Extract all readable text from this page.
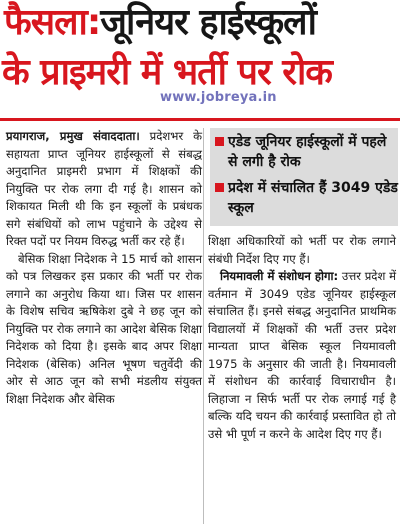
फैसला:जूनियर हाईस्कूलों
के प्राइमरी में भर्ती पर रोक
www.jobreya.in

प्रयागराज, प्रमुख संवाददाता। प्रदेशभर के सहायता प्राप्त जूनियर हाईस्कूलों से संबद्ध अनुदानित प्राइमरी प्रभाग में शिक्षकों की नियुक्ति पर रोक लगा दी गई है। शासन को शिकायत मिली थी कि इन स्कूलों के प्रबंधक सगे संबंधियों को लाभ पहुंचाने के उद्देश्य से रिक्त पदों पर नियम विरुद्ध भर्ती कर रहे हैं।

बेसिक शिक्षा निदेशक ने 15 मार्च को शासन को पत्र लिखकर इस प्रकार की भर्ती पर रोक लगाने का अनुरोध किया था। जिस पर शासन के विशेष सचिव ऋषिकेश दुबे ने छह जून को नियुक्ति पर रोक लगाने का आदेश बेसिक शिक्षा निदेशक को दिया है। इसके बाद अपर शिक्षा निदेशक (बेसिक) अनिल भूषण चतुर्वेदी की ओर से आठ जून को सभी मंडलीय संयुक्त शिक्षा निदेशक और बेसिक

एडेड जूनियर हाईस्कूलों में पहले से लगी है रोक
प्रदेश में संचालित हैं 3049 एडेड स्कूल

शिक्षा अधिकारियों को भर्ती पर रोक लगाने संबंधी निर्देश दिए गए हैं।

नियमावली में संशोधन होगा: उत्तर प्रदेश में वर्तमान में 3049 एडेड जूनियर हाईस्कूल संचालित हैं। इनसे संबद्ध अनुदानित प्राथमिक विद्यालयों में शिक्षकों की भर्ती उत्तर प्रदेश मान्यता प्राप्त बेसिक स्कूल नियमावली 1975 के अनुसार की जाती है। नियमावली में संशोधन की कार्रवाई विचाराधीन है। लिहाजा न सिर्फ भर्ती पर रोक लगाई गई है बल्कि यदि चयन की कार्रवाई प्रस्तावित हो तो उसे भी पूर्ण न करने के आदेश दिए गए हैं।
